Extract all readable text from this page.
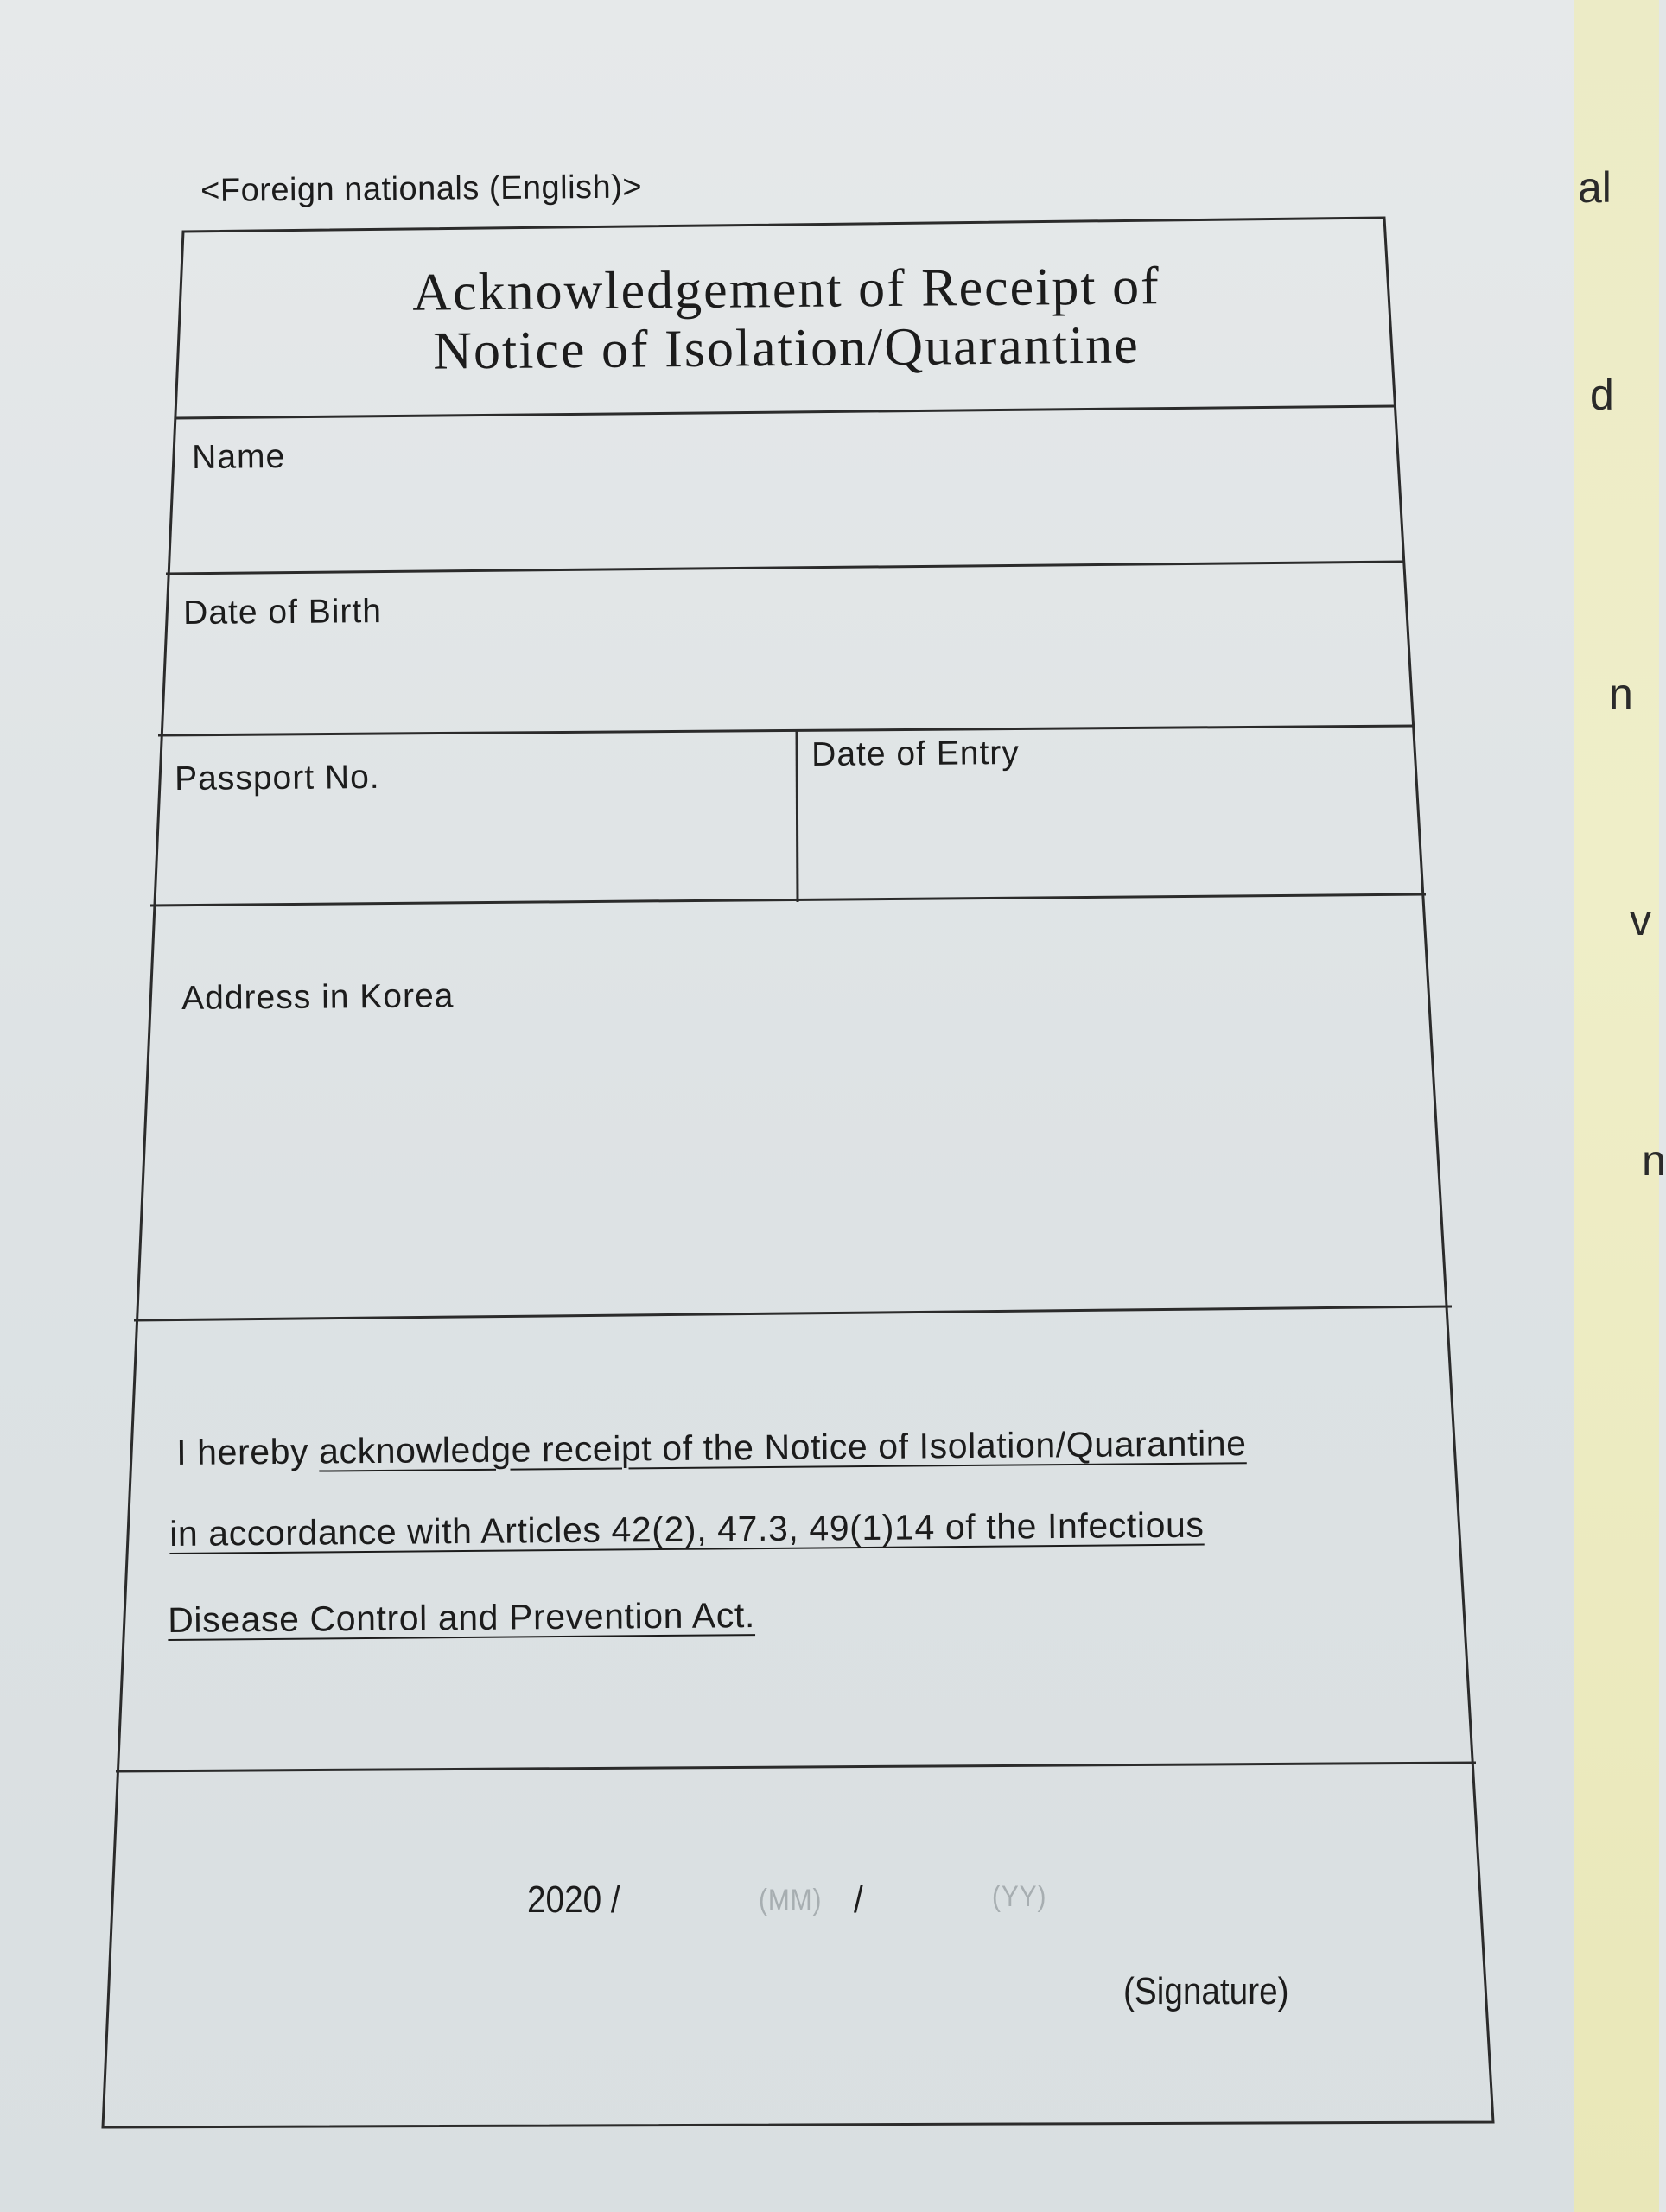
al
d
n
v
n
<Foreign nationals (English)>
Acknowledgement of Receipt of
Notice of Isolation/Quarantine
Name
Date of Birth
Passport No.
Date of Entry
Address in Korea
I hereby acknowledge receipt of the Notice of Isolation/Quarantine
in accordance with Articles 42(2), 47.3, 49(1)14 of the Infectious
Disease Control and Prevention Act.
2020 /	(MM) /	(YY)
(Signature)
